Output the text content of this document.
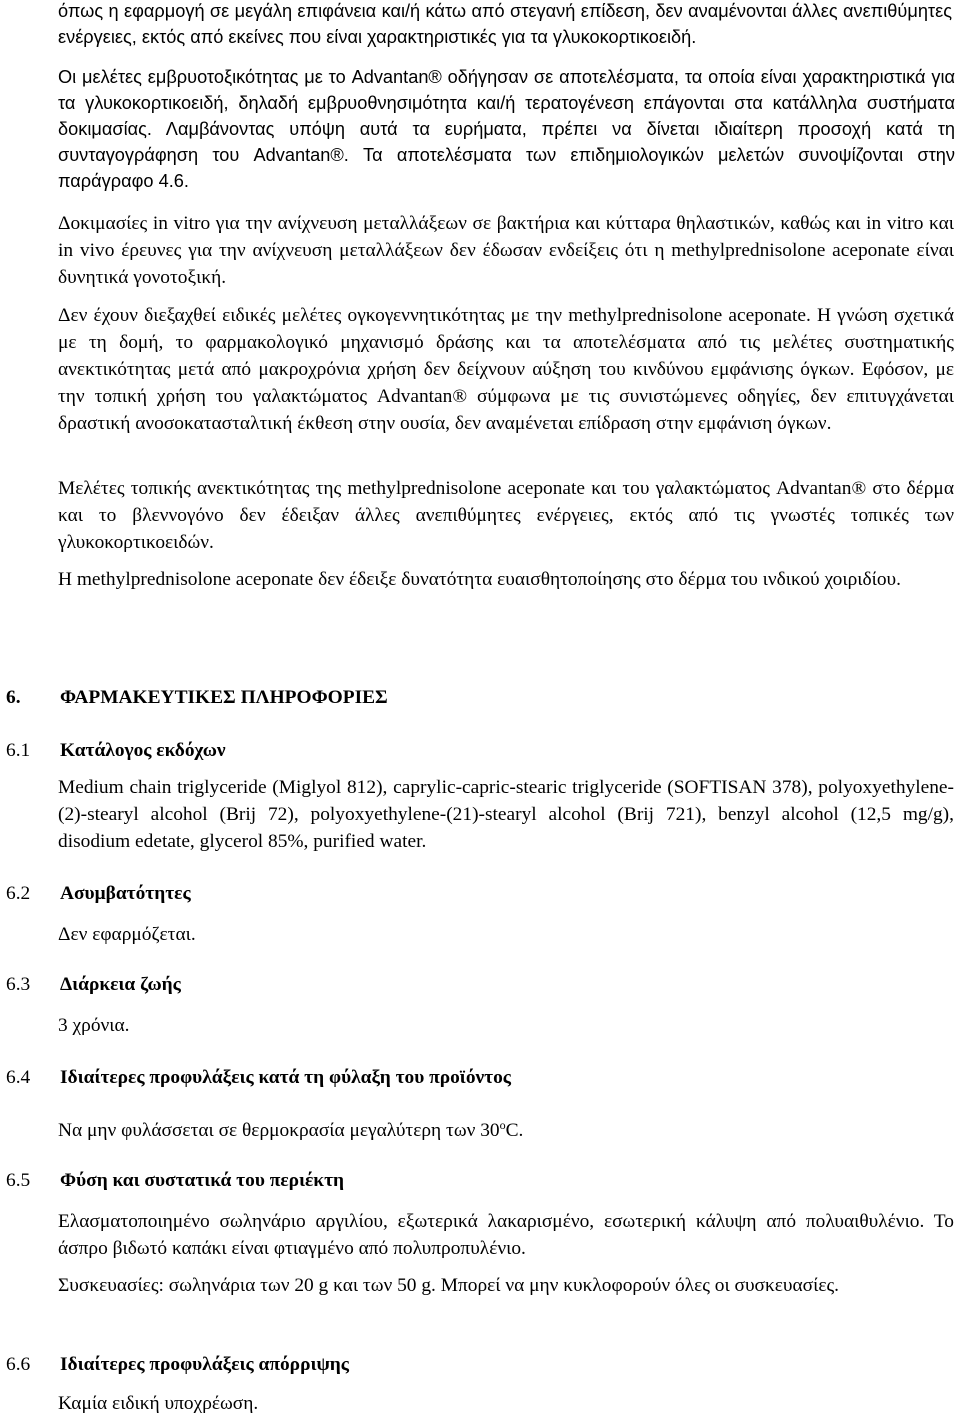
όπως η εφαρμογή σε μεγάλη επιφάνεια και/ή κάτω από στεγανή επίδεση, δεν αναμένονται άλλες ανεπιθύμητες ενέργειες, εκτός από εκείνες που είναι χαρακτηριστικές για τα γλυκοκορτικοειδή.

Οι μελέτες εμβρυοτοξικότητας με το Advantan® οδήγησαν σε αποτελέσματα, τα οποία είναι χαρακτηριστικά για τα γλυκοκορτικοειδή, δηλαδή εμβρυοθνησιμότητα και/ή τερατογένεση επάγονται στα κατάλληλα συστήματα δοκιμασίας. Λαμβάνοντας υπόψη αυτά τα ευρήματα, πρέπει να δίνεται ιδιαίτερη προσοχή κατά τη συνταγογράφηση του Advantan®. Τα αποτελέσματα των επιδημιολογικών μελετών συνοψίζονται στην παράγραφο 4.6.

Δοκιμασίες in vitro για την ανίχνευση μεταλλάξεων σε βακτήρια και κύτταρα θηλαστικών, καθώς και in vitro και in vivo έρευνες για την ανίχνευση μεταλλάξεων δεν έδωσαν ενδείξεις ότι η methylprednisolone aceponate είναι δυνητικά γονοτοξική.

Δεν έχουν διεξαχθεί ειδικές μελέτες ογκογεννητικότητας με την methylprednisolone aceponate. Η γνώση σχετικά με τη δομή, το φαρμακολογικό μηχανισμό δράσης και τα αποτελέσματα από τις μελέτες συστηματικής ανεκτικότητας μετά από μακροχρόνια χρήση δεν δείχνουν αύξηση του κινδύνου εμφάνισης όγκων. Εφόσον, με την τοπική χρήση του γαλακτώματος Advantan® σύμφωνα με τις συνιστώμενες οδηγίες, δεν επιτυγχάνεται δραστική ανοσοκατασταλτική έκθεση στην ουσία, δεν αναμένεται επίδραση στην εμφάνιση όγκων.

Μελέτες τοπικής ανεκτικότητας της methylprednisolone aceponate και του γαλακτώματος Advantan® στο δέρμα και το βλεννογόνο δεν έδειξαν άλλες ανεπιθύμητες ενέργειες, εκτός από τις γνωστές τοπικές των γλυκοκορτικοειδών.

Η methylprednisolone aceponate δεν έδειξε δυνατότητα ευαισθητοποίησης στο δέρμα του ινδικού χοιριδίου.

6. ΦΑΡΜΑΚΕΥΤΙΚΕΣ ΠΛΗΡΟΦΟΡΙΕΣ
6.1 Κατάλογος εκδόχων

Medium chain triglyceride (Miglyol 812), caprylic-capric-stearic triglyceride (SOFTISAN 378), polyoxyethylene-(2)-stearyl alcohol (Brij 72), polyoxyethylene-(21)-stearyl alcohol (Brij 721), benzyl alcohol (12,5 mg/g), disodium edetate, glycerol 85%, purified water.

6.2 Ασυμβατότητες

Δεν εφαρμόζεται.

6.3 Διάρκεια ζωής

3 χρόνια.

6.4 Ιδιαίτερες προφυλάξεις κατά τη φύλαξη του προϊόντος

Να μην φυλάσσεται σε θερμοκρασία μεγαλύτερη των 30$^o$C.

6.5 Φύση και συστατικά του περιέκτη

Ελασματοποιημένο σωληνάριο αργιλίου, εξωτερικά λακαρισμένο, εσωτερική κάλυψη από πολυαιθυλένιο. Το άσπρο βιδωτό καπάκι είναι φτιαγμένο από πολυπροπυλένιο.

Συσκευασίες: σωληνάρια των 20 g και των 50 g. Μπορεί να μην κυκλοφορούν όλες οι συσκευασίες.

6.6 Ιδιαίτερες προφυλάξεις απόρριψης

Καμία ειδική υποχρέωση.
